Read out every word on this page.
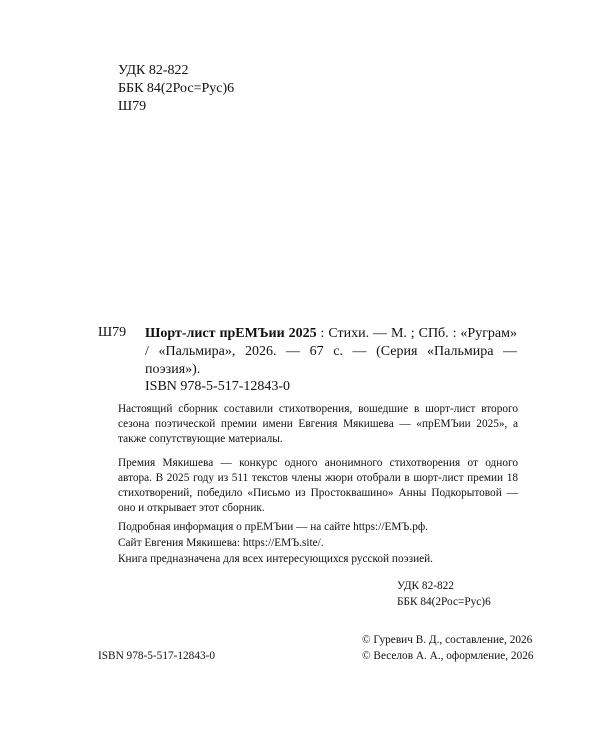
УДК 82-822
ББК 84(2Рос=Рус)6
Ш79
Ш79 Шорт-лист прЕМЪии 2025 : Стихи. — М. ; СПб. : «Руграм» / «Пальмира», 2026. — 67 с. — (Серия «Пальмира — поэзия»).
ISBN 978-5-517-12843-0
Настоящий сборник составили стихотворения, вошедшие в шорт-лист второго сезона поэтической премии имени Евгения Мякишева — «прЕМЪии 2025», а также сопутствующие материалы.
Премия Мякишева — конкурс одного анонимного стихотворения от одного автора. В 2025 году из 511 текстов члены жюри отобрали в шорт-лист премии 18 стихотворений, победило «Письмо из Простоквашино» Анны Подкорытовой — оно и открывает этот сборник.
Подробная информация о прЕМЪии — на сайте https://ЕМЪ.рф.
Сайт Евгения Мякишева: https://ЕМЪ.site/.
Книга предназначена для всех интересующихся русской поэзией.
УДК 82-822
ББК 84(2Рос=Рус)6
ISBN 978-5-517-12843-0
© Гуревич В. Д., составление, 2026
© Веселов А. А., оформление, 2026
